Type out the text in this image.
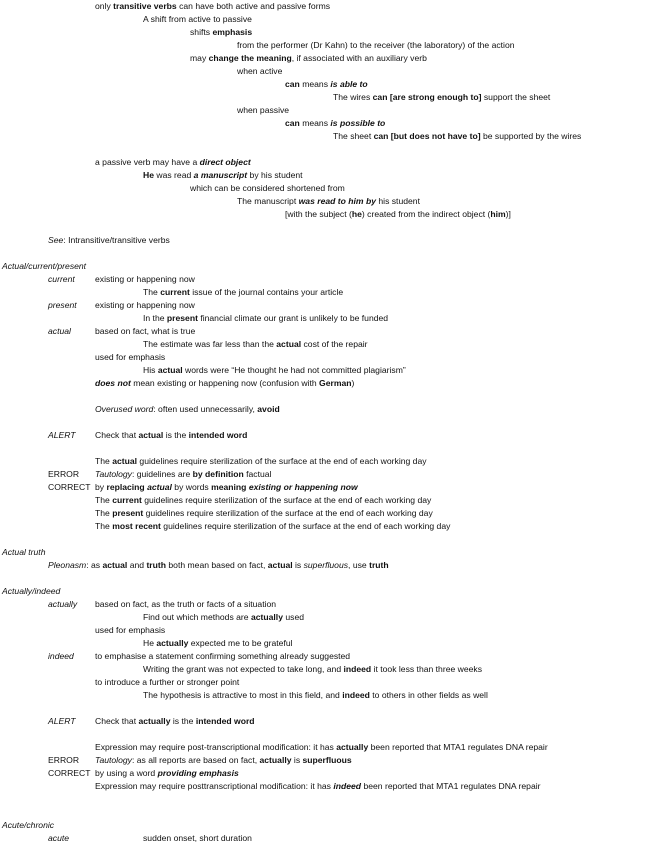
only transitive verbs can have both active and passive forms
A shift from active to passive
shifts emphasis
from the performer (Dr Kahn) to the receiver (the laboratory) of the action
may change the meaning, if associated with an auxiliary verb
when active
can means is able to
The wires can [are strong enough to] support the sheet
when passive
can means is possible to
The sheet can [but does not have to] be supported by the wires
a passive verb may have a direct object
He was read a manuscript by his student
which can be considered shortened from
The manuscript was read to him by his student
[with the subject (he) created from the indirect object (him)]
See: Intransitive/transitive verbs
Actual/current/present
current existing or happening now
The current issue of the journal contains your article
present existing or happening now
In the present financial climate our grant is unlikely to be funded
actual	based on fact, what is true
The estimate was far less than the actual cost of the repair
used for emphasis
His actual words were “He thought he had not committed plagiarism”
does not mean existing or happening now (confusion with German)
Overused word: often used unnecessarily, avoid
ALERT Check that actual is the intended word
The actual guidelines require sterilization of the surface at the end of each working day
ERROR Tautology: guidelines are by definition factual
CORRECT by replacing actual by words meaning existing or happening now
The current guidelines require sterilization of the surface at the end of each working day
The present guidelines require sterilization of the surface at the end of each working day
The most recent guidelines require sterilization of the surface at the end of each working day
Actual truth
Pleonasm: as actual and truth both mean based on fact, actual is superfluous, use truth
Actually/indeed
actually based on fact, as the truth or facts of a situation
Find out which methods are actually used
used for emphasis
He actually expected me to be grateful
indeed to emphasise a statement confirming something already suggested
Writing the grant was not expected to take long, and indeed it took less than three weeks
to introduce a further or stronger point
The hypothesis is attractive to most in this field, and indeed to others in other fields as well
ALERT Check that actually is the intended word
Expression may require post-transcriptional modification: it has actually been reported that MTA1 regulates DNA repair
ERROR Tautology: as all reports are based on fact, actually is superfluous
CORRECT by using a word providing emphasis
Expression may require posttranscriptional modification: it has indeed been reported that MTA1 regulates DNA repair
Acute/chronic
acute	sudden onset, short duration
